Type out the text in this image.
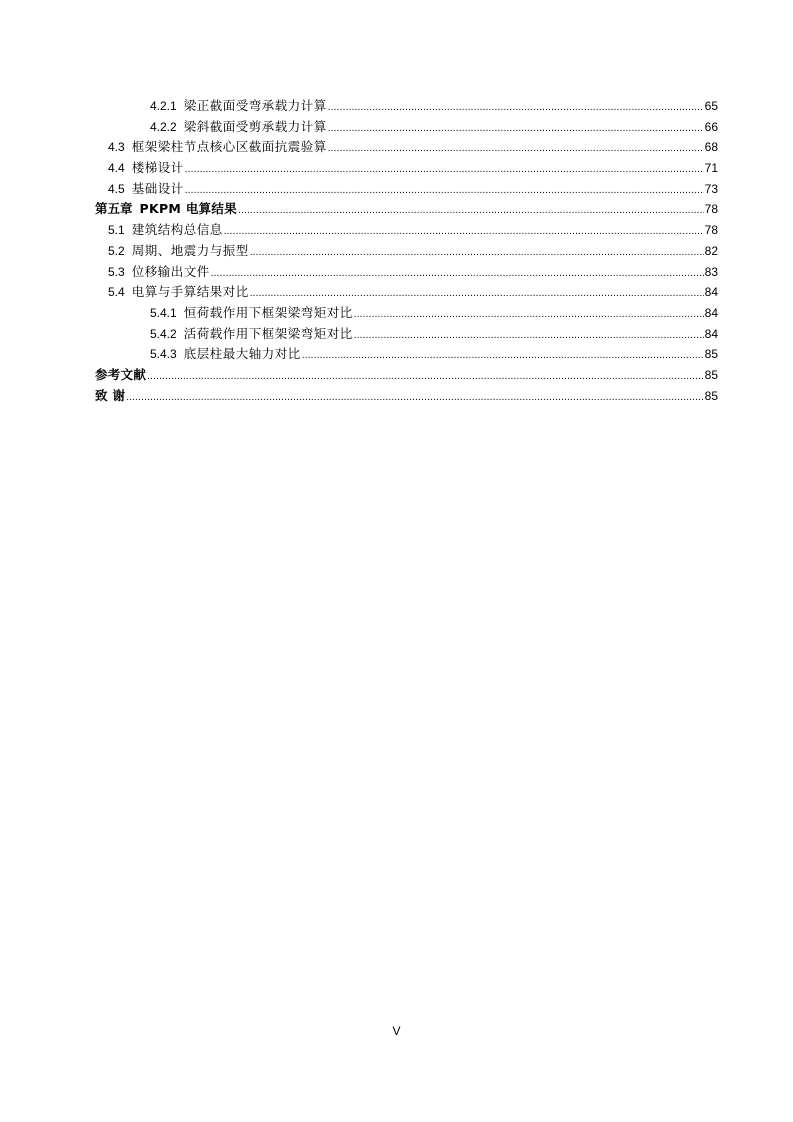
4.2.1 梁正截面受弯承载力计算 .....	65
4.2.2 梁斜截面受剪承载力计算 .....	66
4.3 框架梁柱节点核心区截面抗震验算 .....	68
4.4 楼梯设计 .....	71
4.5 基础设计 .....	73
第五章 PKPM 电算结果 .....	78
5.1 建筑结构总信息 .....	78
5.2 周期、地震力与振型 .....	82
5.3 位移输出文件 .....	83
5.4 电算与手算结果对比 .....	84
5.4.1 恒荷载作用下框架梁弯矩对比 .....	84
5.4.2 活荷载作用下框架梁弯矩对比 .....	84
5.4.3 底层柱最大轴力对比 .....	85
参考文献 .....	85
致 谢 .....	85
V
